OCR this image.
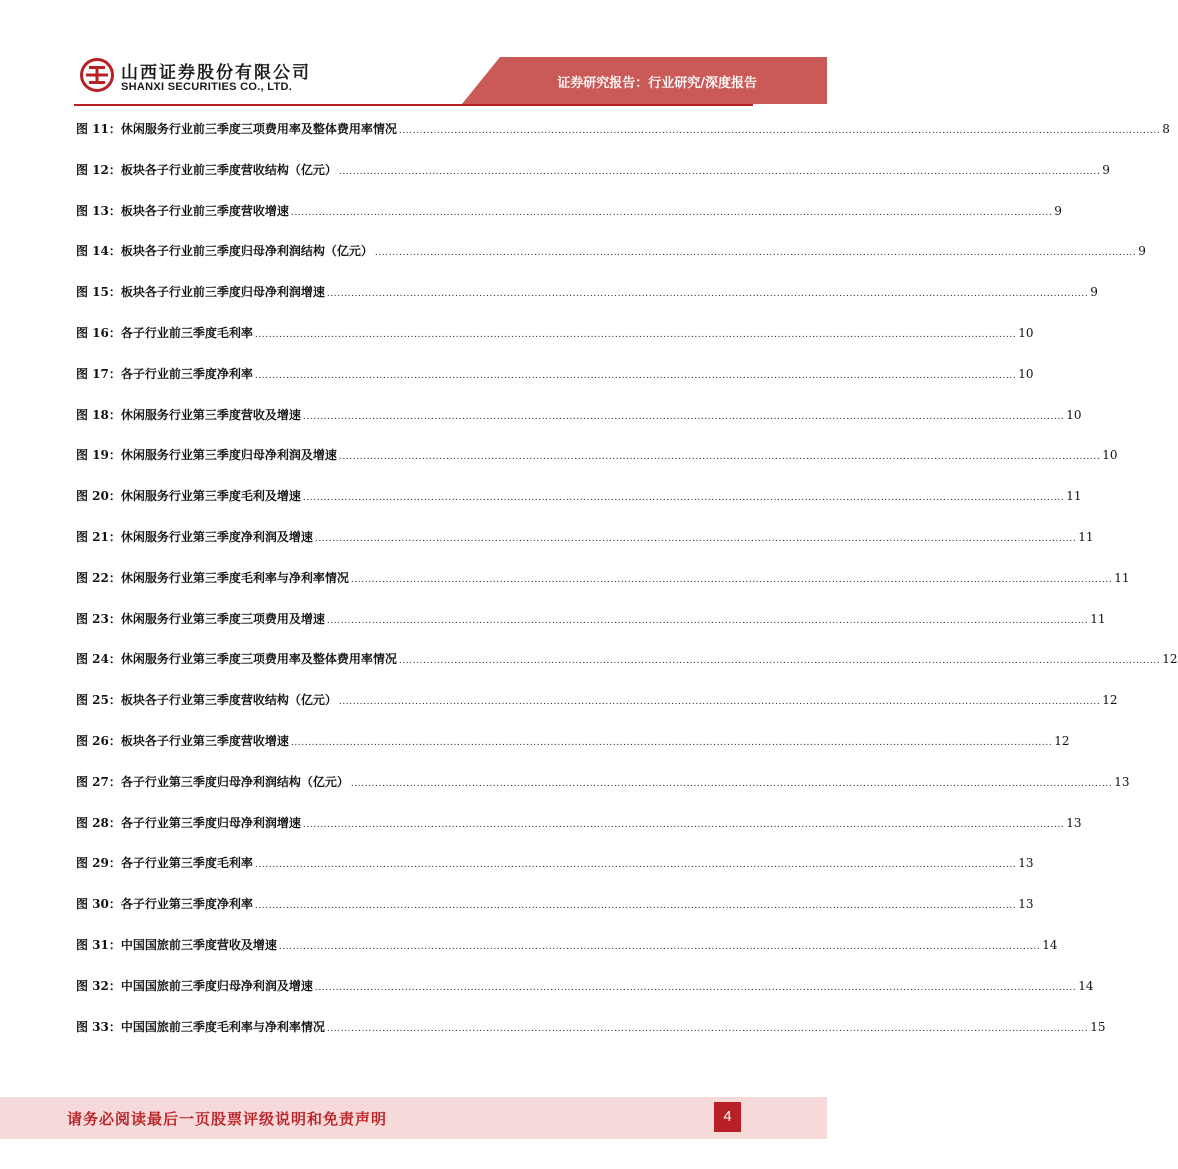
山西证券股份有限公司
SHANXI SECURITIES CO., LTD.	证券研究报告：行业研究/深度报告
图 11：休闲服务行业前三季度三项费用率及整体费用率情况 ............................................................................................................................................................................................................................ 8
图 12：板块各子行业前三季度营收结构（亿元） ............................................................................................................................................................................................................................ 9
图 13：板块各子行业前三季度营收增速 ............................................................................................................................................................................................................................ 9
图 14：板块各子行业前三季度归母净利润结构（亿元） ............................................................................................................................................................................................................................ 9
图 15：板块各子行业前三季度归母净利润增速 ............................................................................................................................................................................................................................ 9
图 16：各子行业前三季度毛利率 ............................................................................................................................................................................................................................ 10
图 17：各子行业前三季度净利率 ............................................................................................................................................................................................................................ 10
图 18：休闲服务行业第三季度营收及增速 ............................................................................................................................................................................................................................ 10
图 19：休闲服务行业第三季度归母净利润及增速 ............................................................................................................................................................................................................................ 10
图 20：休闲服务行业第三季度毛利及增速 ............................................................................................................................................................................................................................ 11
图 21：休闲服务行业第三季度净利润及增速 ............................................................................................................................................................................................................................ 11
图 22：休闲服务行业第三季度毛利率与净利率情况 ............................................................................................................................................................................................................................ 11
图 23：休闲服务行业第三季度三项费用及增速 ............................................................................................................................................................................................................................ 11
图 24：休闲服务行业第三季度三项费用率及整体费用率情况 ............................................................................................................................................................................................................................ 12
图 25：板块各子行业第三季度营收结构（亿元） ............................................................................................................................................................................................................................ 12
图 26：板块各子行业第三季度营收增速 ............................................................................................................................................................................................................................ 12
图 27：各子行业第三季度归母净利润结构（亿元） ............................................................................................................................................................................................................................ 13
图 28：各子行业第三季度归母净利润增速 ............................................................................................................................................................................................................................ 13
图 29：各子行业第三季度毛利率 ............................................................................................................................................................................................................................ 13
图 30：各子行业第三季度净利率 ............................................................................................................................................................................................................................ 13
图 31：中国国旅前三季度营收及增速 ............................................................................................................................................................................................................................ 14
图 32：中国国旅前三季度归母净利润及增速 ............................................................................................................................................................................................................................ 14
图 33：中国国旅前三季度毛利率与净利率情况 ............................................................................................................................................................................................................................ 15
请务必阅读最后一页股票评级说明和免责声明	4
